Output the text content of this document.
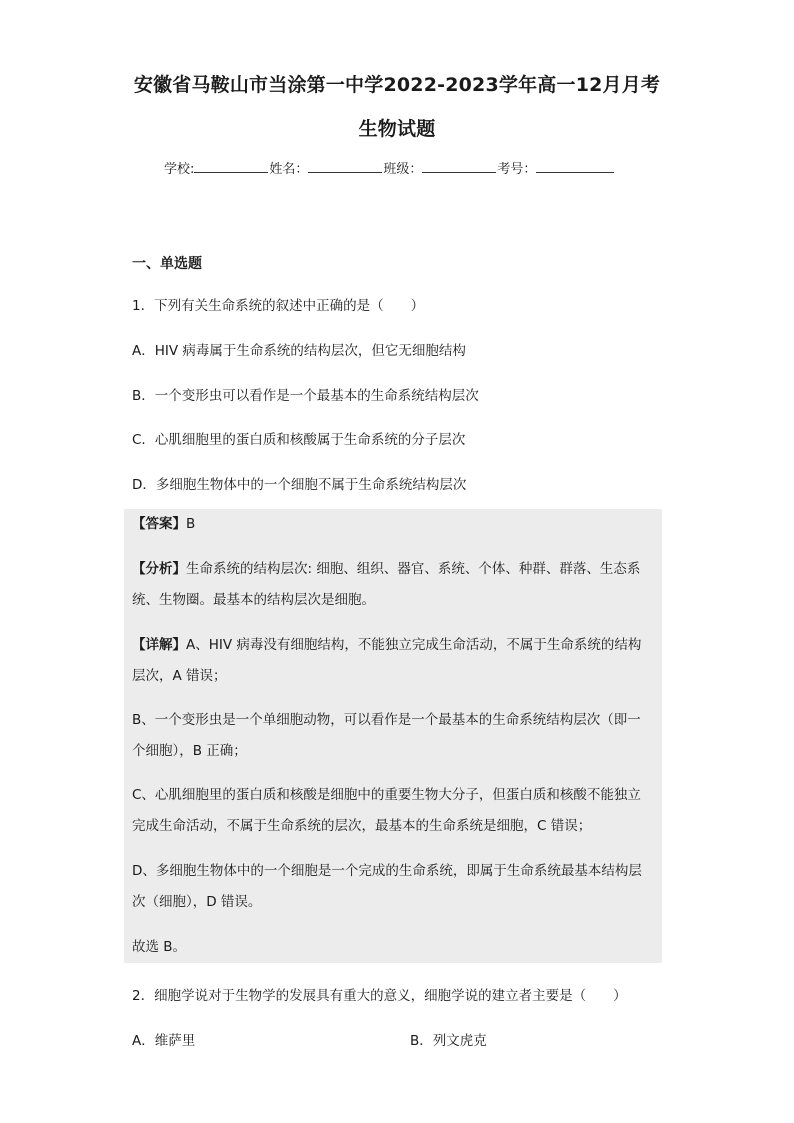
安徽省马鞍山市当涂第一中学2022-2023学年高一12月月考
生物试题
学校:	姓名：	班级：	考号：
一、单选题
1．下列有关生命系统的叙述中正确的是（　　）
A．HIV 病毒属于生命系统的结构层次，但它无细胞结构
B．一个变形虫可以看作是一个最基本的生命系统结构层次
C．心肌细胞里的蛋白质和核酸属于生命系统的分子层次
D．多细胞生物体中的一个细胞不属于生命系统结构层次
【答案】B
【分析】生命系统的结构层次: 细胞、组织、器官、系统、个体、种群、群落、生态系
统、生物圈。最基本的结构层次是细胞。
【详解】A、HIV 病毒没有细胞结构，不能独立完成生命活动，不属于生命系统的结构
层次，A 错误；
B、一个变形虫是一个单细胞动物，可以看作是一个最基本的生命系统结构层次（即一
个细胞），B 正确；
C、心肌细胞里的蛋白质和核酸是细胞中的重要生物大分子，但蛋白质和核酸不能独立
完成生命活动，不属于生命系统的层次，最基本的生命系统是细胞，C 错误；
D、多细胞生物体中的一个细胞是一个完成的生命系统，即属于生命系统最基本结构层
次（细胞），D 错误。
故选 B。
2．细胞学说对于生物学的发展具有重大的意义，细胞学说的建立者主要是（　　）
A．维萨里	B．列文虎克
